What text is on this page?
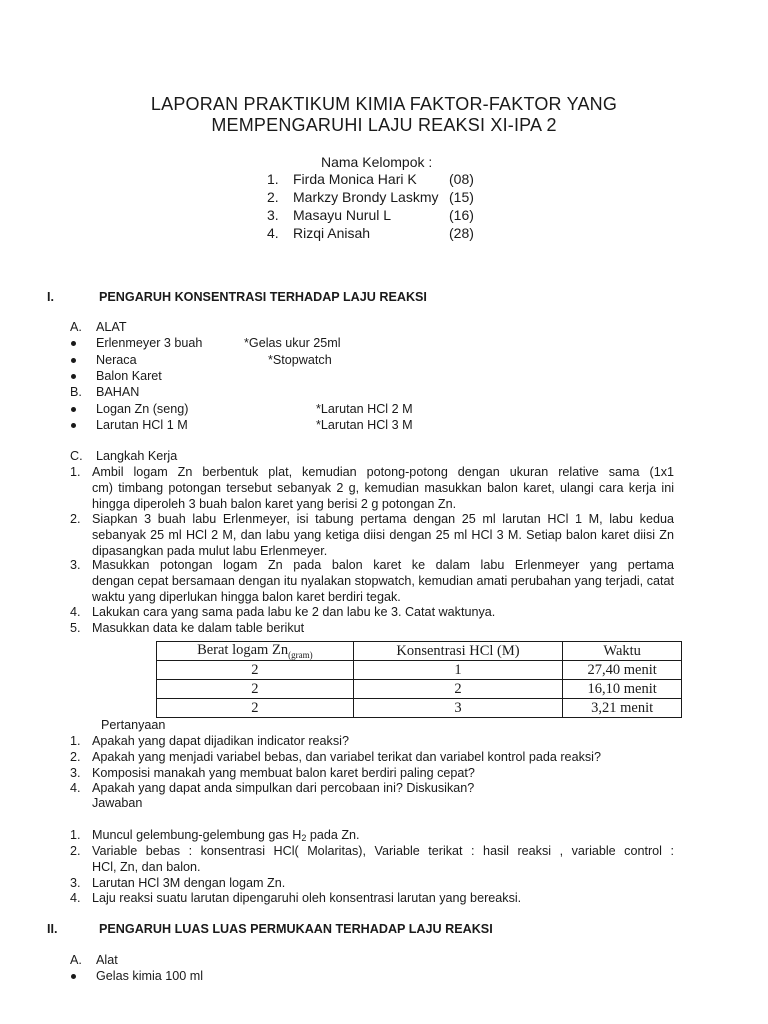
LAPORAN PRAKTIKUM KIMIA FAKTOR-FAKTOR YANG
MEMPENGARUHI LAJU REAKSI XI-IPA 2
Nama Kelompok :
1. Firda Monica Hari K (08)
2. Markzy Brondy Laskmy (15)
3. Masayu Nurul L	(16)
4. Rizqi Anisah	(28)
I.	PENGARUH KONSENTRASI TERHADAP LAJU REAKSI
A. ALAT
Erlenmeyer 3 buah	*Gelas ukur 25ml
Neraca	*Stopwatch
Balon Karet
B. BAHAN
Logan Zn (seng)	*Larutan HCl 2 M
Larutan HCl 1 M	*Larutan HCl 3 M
C. Langkah Kerja
1. Ambil logam Zn berbentuk plat, kemudian potong-potong dengan ukuran relative sama (1x1
cm) timbang potongan tersebut sebanyak 2 g, kemudian masukkan balon karet, ulangi cara kerja ini hingga diperoleh 3 buah balon karet yang berisi 2 g potongan Zn.
2. Siapkan 3 buah labu Erlenmeyer, isi tabung pertama dengan 25 ml larutan HCl 1 M, labu kedua
sebanyak 25 ml HCl 2 M, dan labu yang ketiga diisi dengan 25 ml HCl 3 M. Setiap balon karet diisi Zn dipasangkan pada mulut labu Erlenmeyer.
3. Masukkan potongan logam Zn pada balon karet ke dalam labu Erlenmeyer yang pertama
dengan cepat bersamaan dengan itu nyalakan stopwatch, kemudian amati perubahan yang terjadi, catat waktu yang diperlukan hingga balon karet berdiri tegak.
4. Lakukan cara yang sama pada labu ke 2 dan labu ke 3. Catat waktunya.
5. Masukkan data ke dalam table berikut
Berat logam $Zn_{(gram)}$	Konsentrasi HCl (M)	Waktu
2	1	27,40 menit
2	2	16,10 menit
2	3	3,21 menit
Pertanyaan
1. Apakah yang dapat dijadikan indicator reaksi?
2. Apakah yang menjadi variabel bebas, dan variabel terikat dan variabel kontrol pada reaksi?
3. Komposisi manakah yang membuat balon karet berdiri paling cepat?
4. Apakah yang dapat anda simpulkan dari percobaan ini? Diskusikan?
Jawaban
1. Muncul gelembung-gelembung gas $H_2$ pada Zn.
2. Variable bebas : konsentrasi HCl( Molaritas), Variable terikat : hasil reaksi , variable control :
HCl, Zn, dan balon.
3. Larutan HCl 3M dengan logam Zn.
4. Laju reaksi suatu larutan dipengaruhi oleh konsentrasi larutan yang bereaksi.
II.	PENGARUH LUAS LUAS PERMUKAAN TERHADAP LAJU REAKSI
A. Alat
Gelas kimia 100 ml
